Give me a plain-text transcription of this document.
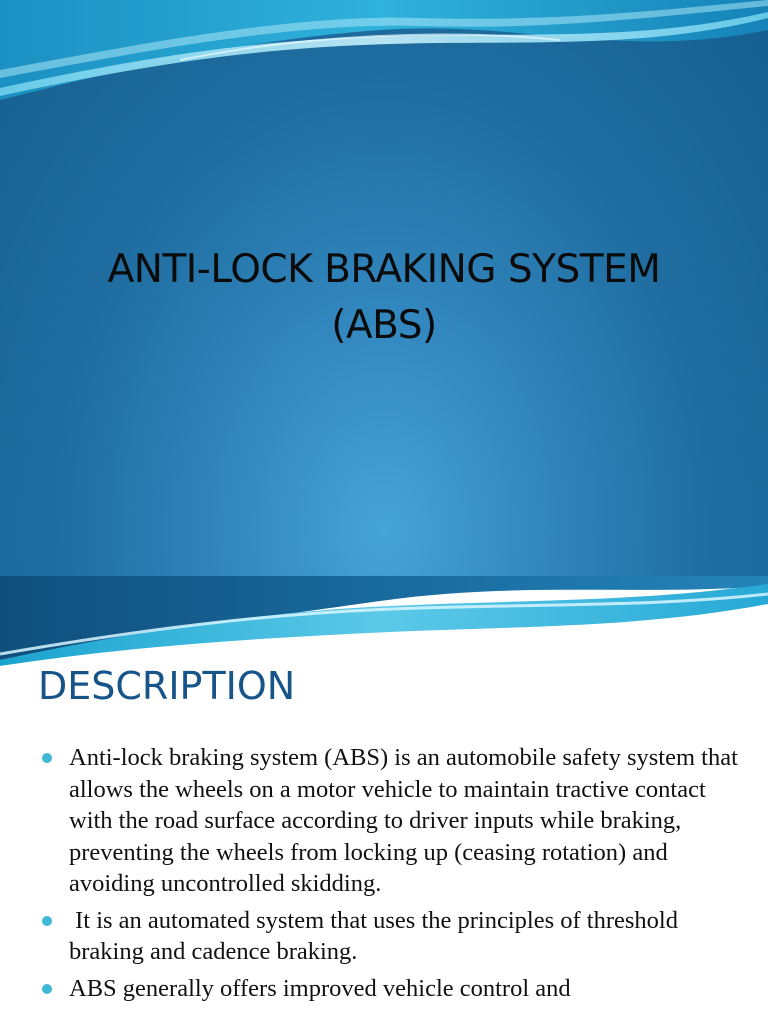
ANTI-LOCK BRAKING SYSTEM
(ABS)
DESCRIPTION
Anti-lock braking system (ABS) is an automobile safety system that allows the wheels on a motor vehicle to maintain tractive contact with the road surface according to driver inputs while braking, preventing the wheels from locking up (ceasing rotation) and avoiding uncontrolled skidding.
It is an automated system that uses the principles of threshold braking and cadence braking.
ABS generally offers improved vehicle control and
